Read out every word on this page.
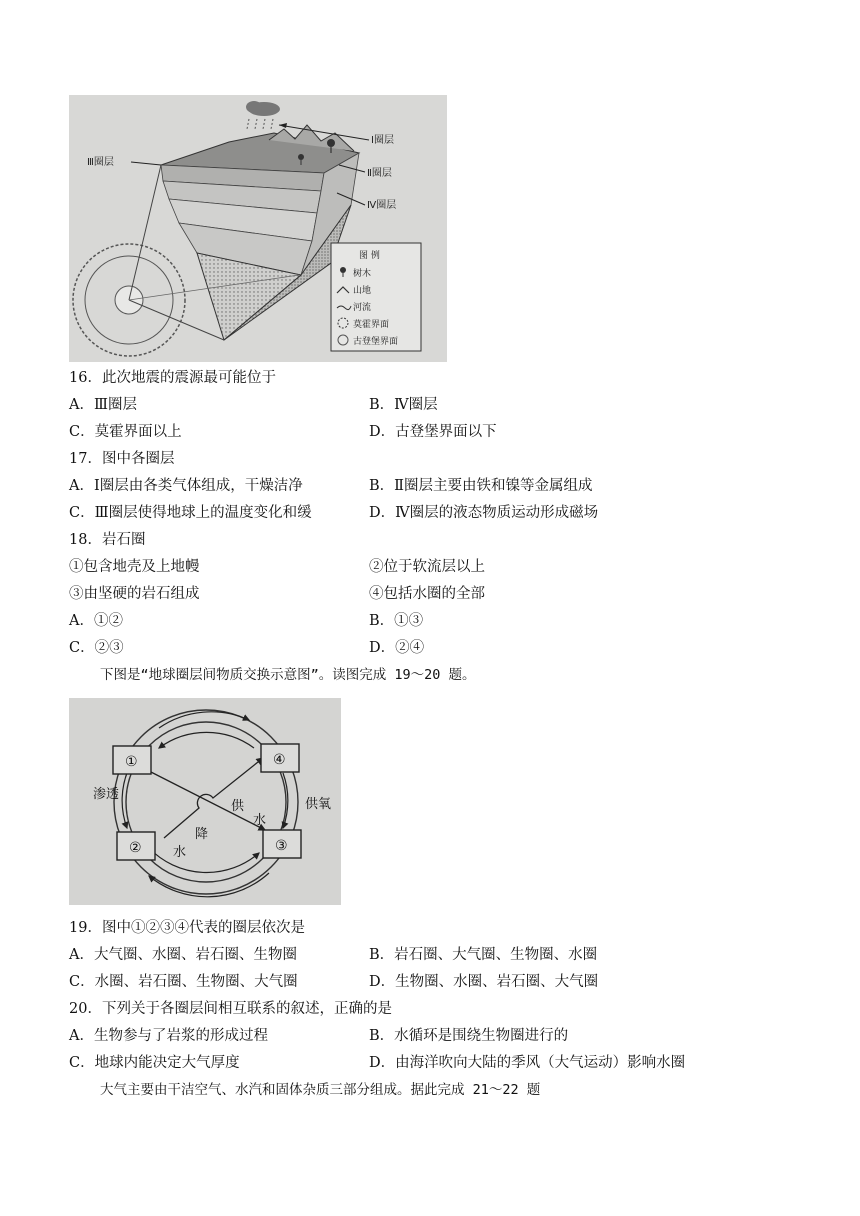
Ⅰ圈层
Ⅱ圈层
Ⅲ圈层
Ⅳ圈层
图 例
树木
山地
河流
莫霍界面
古登堡界面
16．此次地震的震源最可能位于
A．Ⅲ圈层	B．Ⅳ圈层
C．莫霍界面以上	D．古登堡界面以下
17．图中各圈层
A．Ⅰ圈层由各类气体组成，干燥洁净	B．Ⅱ圈层主要由铁和镍等金属组成
C．Ⅲ圈层使得地球上的温度变化和缓	D．Ⅳ圈层的液态物质运动形成磁场
18．岩石圈
①包含地壳及上地幔	②位于软流层以上
③由坚硬的岩石组成	④包括水圈的全部
A．①②	B．①③
C．②③	D．②④
下图是“地球圈层间物质交换示意图”。读图完成 19～20 题。
①
②	③
④
渗透
供氧
供
水
降
水
19．图中①②③④代表的圈层依次是
A．大气圈、水圈、岩石圈、生物圈	B．岩石圈、大气圈、生物圈、水圈
C．水圈、岩石圈、生物圈、大气圈	D．生物圈、水圈、岩石圈、大气圈
20．下列关于各圈层间相互联系的叙述，正确的是
A．生物参与了岩浆的形成过程	B．水循环是围绕生物圈进行的
C．地球内能决定大气厚度	D．由海洋吹向大陆的季风（大气运动）影响水圈
大气主要由干洁空气、水汽和固体杂质三部分组成。据此完成 21～22 题
